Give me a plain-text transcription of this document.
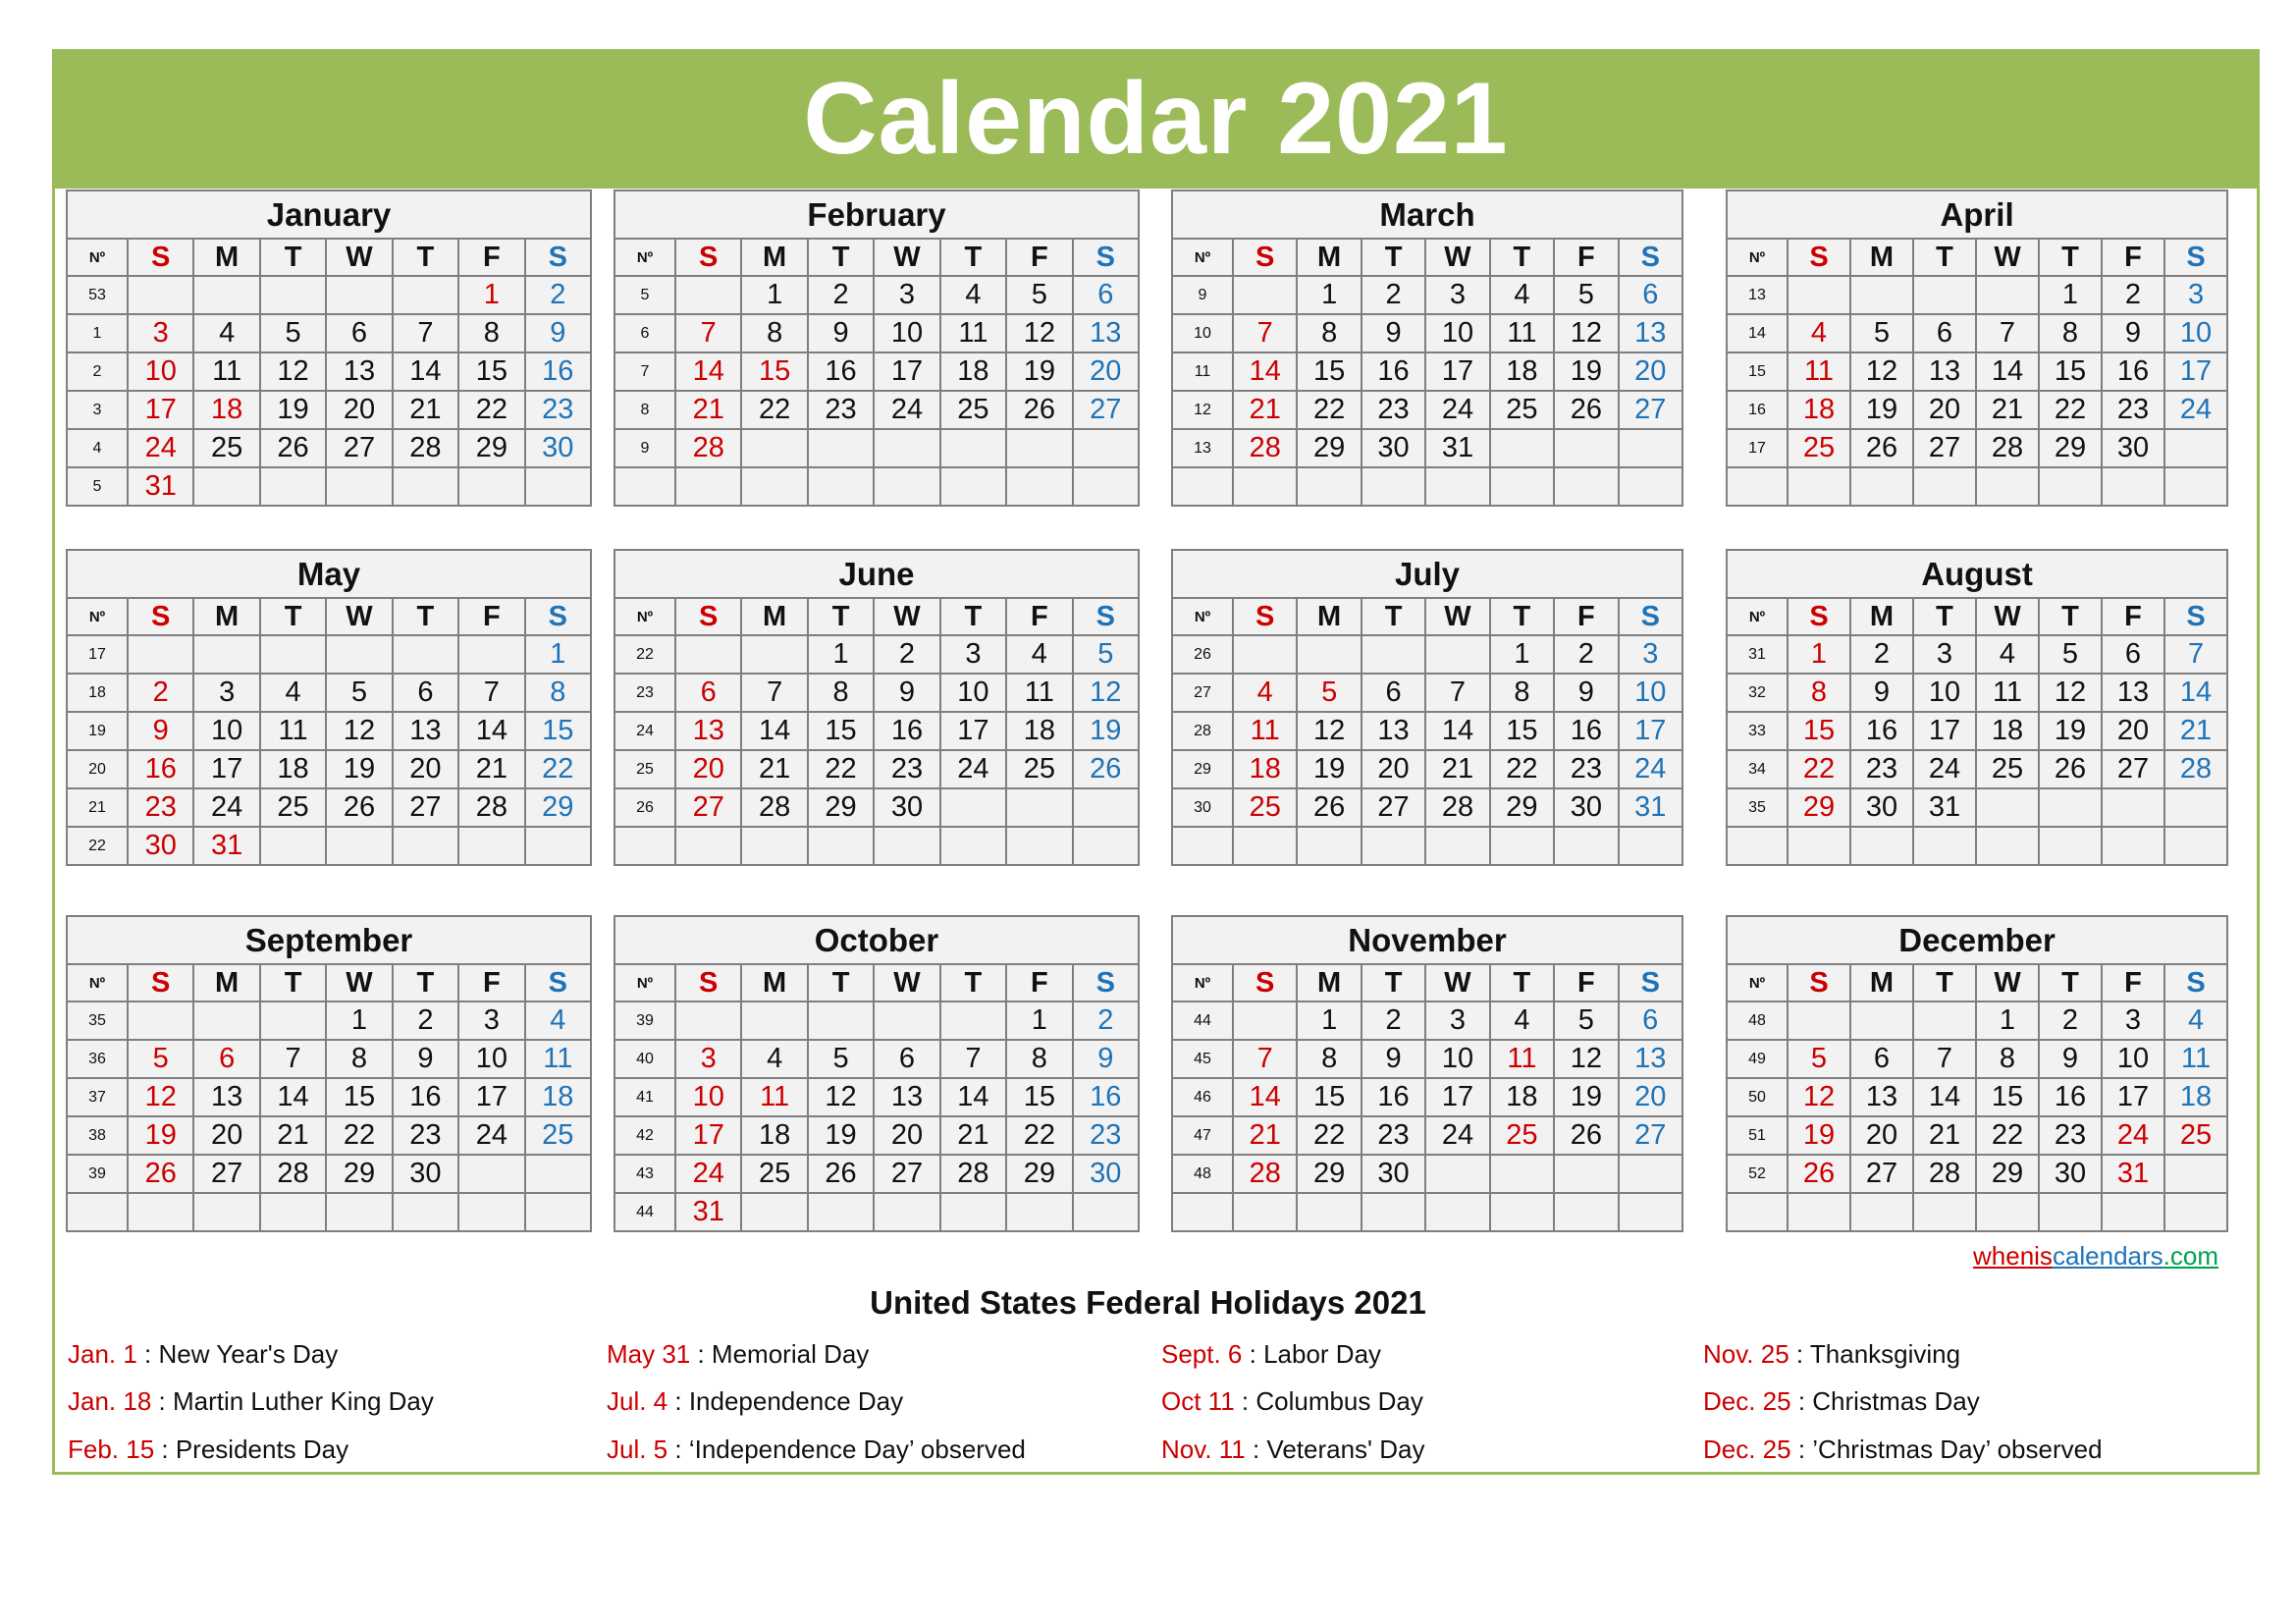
Calendar 2021
January							
Nº	S	M	T	W	T	F	S
53						1	2
1	3	4	5	6	7	8	9
2	10	11	12	13	14	15	16
3	17	18	19	20	21	22	23
4	24	25	26	27	28	29	30
5	31						
February							
Nº	S	M	T	W	T	F	S
5		1	2	3	4	5	6
6	7	8	9	10	11	12	13
7	14	15	16	17	18	19	20
8	21	22	23	24	25	26	27
9	28						

March							
Nº	S	M	T	W	T	F	S
9		1	2	3	4	5	6
10	7	8	9	10	11	12	13
11	14	15	16	17	18	19	20
12	21	22	23	24	25	26	27
13	28	29	30	31			

April							
Nº	S	M	T	W	T	F	S
13					1	2	3
14	4	5	6	7	8	9	10
15	11	12	13	14	15	16	17
16	18	19	20	21	22	23	24
17	25	26	27	28	29	30	

May							
Nº	S	M	T	W	T	F	S
17							1
18	2	3	4	5	6	7	8
19	9	10	11	12	13	14	15
20	16	17	18	19	20	21	22
21	23	24	25	26	27	28	29
22	30	31					
June							
Nº	S	M	T	W	T	F	S
22			1	2	3	4	5
23	6	7	8	9	10	11	12
24	13	14	15	16	17	18	19
25	20	21	22	23	24	25	26
26	27	28	29	30			

July							
Nº	S	M	T	W	T	F	S
26					1	2	3
27	4	5	6	7	8	9	10
28	11	12	13	14	15	16	17
29	18	19	20	21	22	23	24
30	25	26	27	28	29	30	31

August							
Nº	S	M	T	W	T	F	S
31	1	2	3	4	5	6	7
32	8	9	10	11	12	13	14
33	15	16	17	18	19	20	21
34	22	23	24	25	26	27	28
35	29	30	31				

September							
Nº	S	M	T	W	T	F	S
35				1	2	3	4
36	5	6	7	8	9	10	11
37	12	13	14	15	16	17	18
38	19	20	21	22	23	24	25
39	26	27	28	29	30		

October							
Nº	S	M	T	W	T	F	S
39						1	2
40	3	4	5	6	7	8	9
41	10	11	12	13	14	15	16
42	17	18	19	20	21	22	23
43	24	25	26	27	28	29	30
44	31						
November							
Nº	S	M	T	W	T	F	S
44		1	2	3	4	5	6
45	7	8	9	10	11	12	13
46	14	15	16	17	18	19	20
47	21	22	23	24	25	26	27
48	28	29	30				

December							
Nº	S	M	T	W	T	F	S
48				1	2	3	4
49	5	6	7	8	9	10	11
50	12	13	14	15	16	17	18
51	19	20	21	22	23	24	25
52	26	27	28	29	30	31	

wheniscalendars.com
United States Federal Holidays 2021
Jan. 1 : New Year's Day
Jan. 18 : Martin Luther King Day
Feb. 15 : Presidents Day
May 31 : Memorial Day
Jul. 4 : Independence Day
Jul. 5 : ‘Independence Day’ observed
Sept. 6 : Labor Day
Oct 11 : Columbus Day
Nov. 11 : Veterans' Day
Nov. 25 : Thanksgiving
Dec. 25 : Christmas Day
Dec. 25 : ’Christmas Day’ observed
